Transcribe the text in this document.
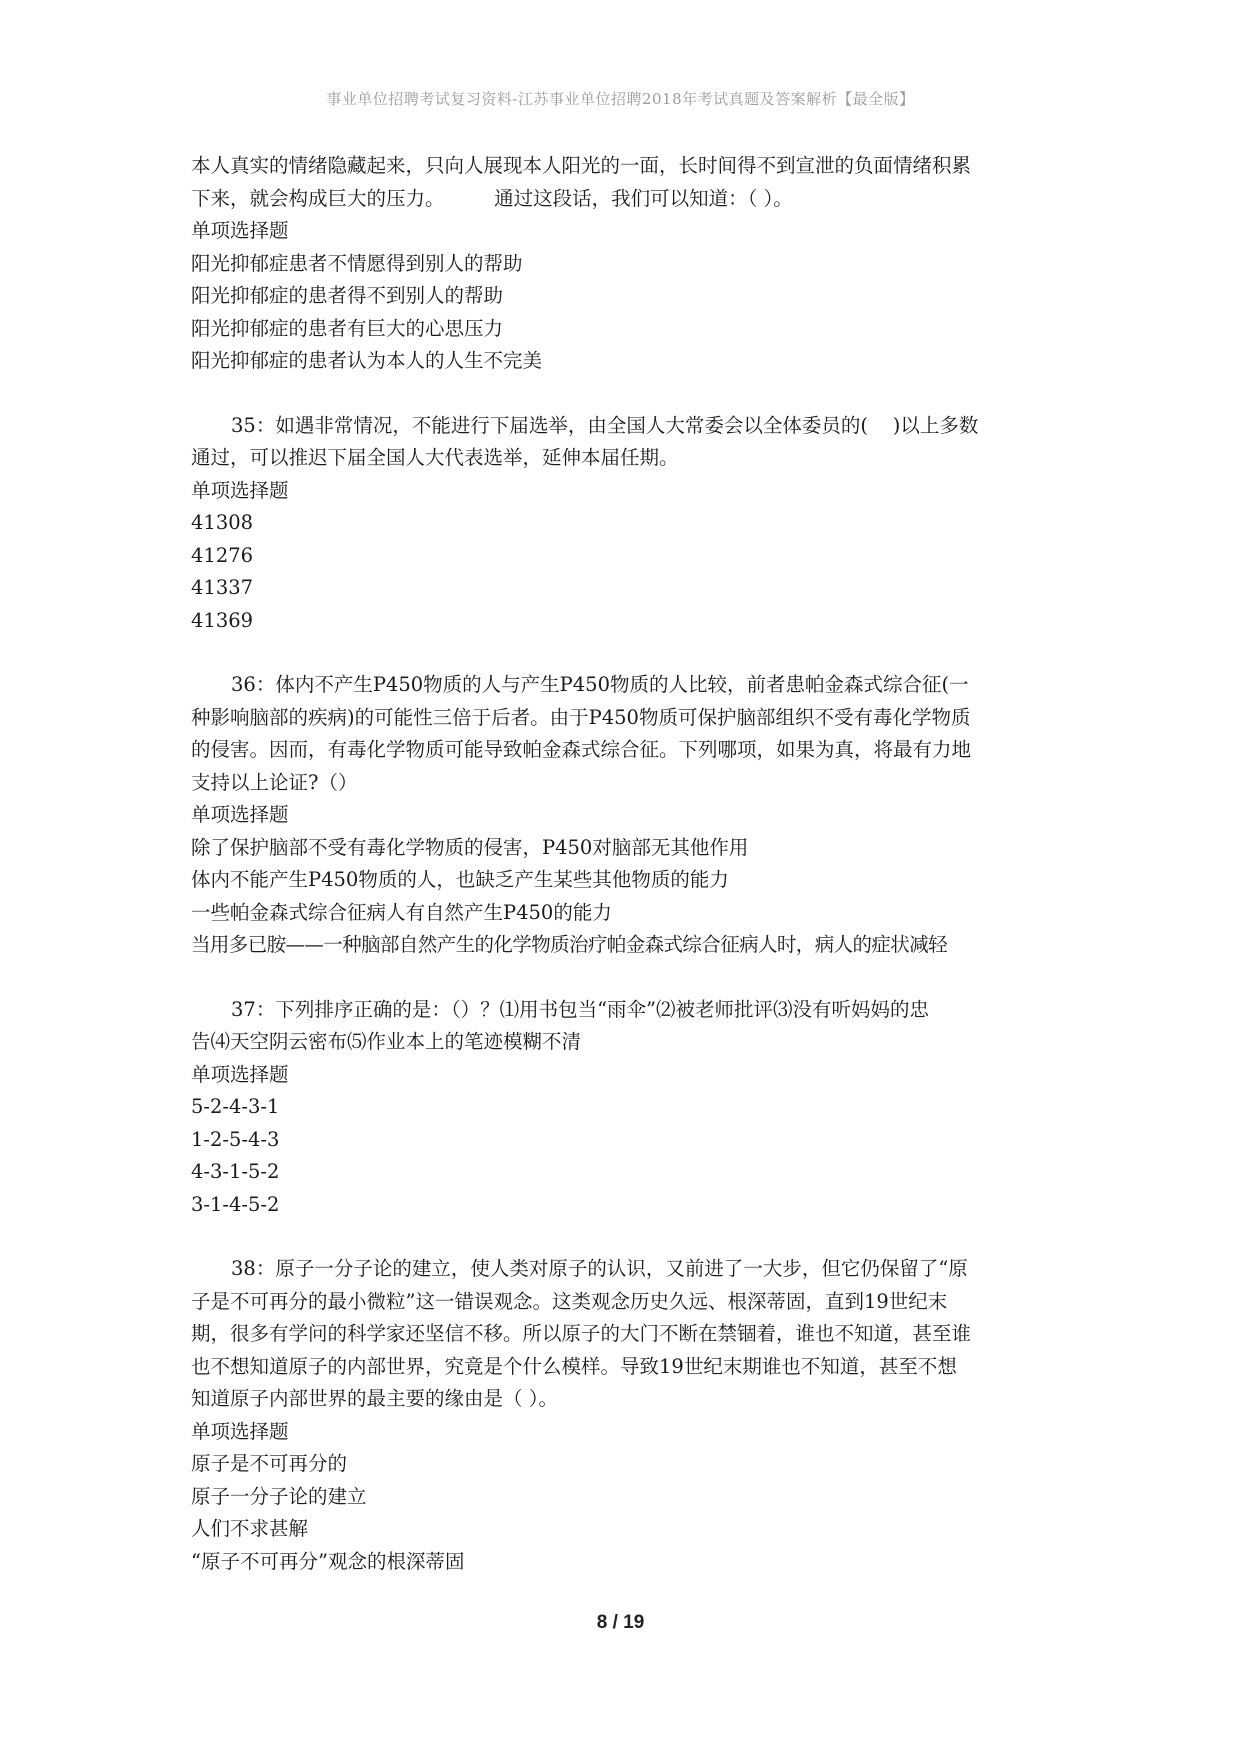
事业单位招聘考试复习资料-江苏事业单位招聘2018年考试真题及答案解析【最全版】

本人真实的情绪隐藏起来，只向人展现本人阳光的一面，长时间得不到宣泄的负面情绪积累

下来，就会构成巨大的压力。        通过这段话，我们可以知道：（ ）。

单项选择题

阳光抑郁症患者不情愿得到别人的帮助

阳光抑郁症的患者得不到别人的帮助

阳光抑郁症的患者有巨大的心思压力

阳光抑郁症的患者认为本人的人生不完美

35：如遇非常情况，不能进行下届选举，由全国人大常委会以全体委员的(    )以上多数

通过，可以推迟下届全国人大代表选举，延伸本届任期。

单项选择题

41308

41276

41337

41369

36：体内不产生P450物质的人与产生P450物质的人比较，前者患帕金森式综合征(一

种影响脑部的疾病)的可能性三倍于后者。由于P450物质可保护脑部组织不受有毒化学物质

的侵害。因而，有毒化学物质可能导致帕金森式综合征。下列哪项，如果为真，将最有力地

支持以上论证?（）

单项选择题

除了保护脑部不受有毒化学物质的侵害，P450对脑部无其他作用

体内不能产生P450物质的人，也缺乏产生某些其他物质的能力

一些帕金森式综合征病人有自然产生P450的能力

当用多已胺——一种脑部自然产生的化学物质治疗帕金森式综合征病人时，病人的症状减轻

37：下列排序正确的是：（）？⑴用书包当“雨伞”⑵被老师批评⑶没有听妈妈的忠

告⑷天空阴云密布⑸作业本上的笔迹模糊不清

单项选择题

5-2-4-3-1

1-2-5-4-3

4-3-1-5-2

3-1-4-5-2

38：原子一分子论的建立，使人类对原子的认识，又前进了一大步，但它仍保留了“原

子是不可再分的最小微粒”这一错误观念。这类观念历史久远、根深蒂固，直到19世纪末

期，很多有学问的科学家还坚信不移。所以原子的大门不断在禁锢着，谁也不知道，甚至谁

也不想知道原子的内部世界，究竟是个什么模样。导致19世纪末期谁也不知道，甚至不想

知道原子内部世界的最主要的缘由是（ ）。

单项选择题

原子是不可再分的

原子一分子论的建立

人们不求甚解

“原子不可再分”观念的根深蒂固

8 / 19
